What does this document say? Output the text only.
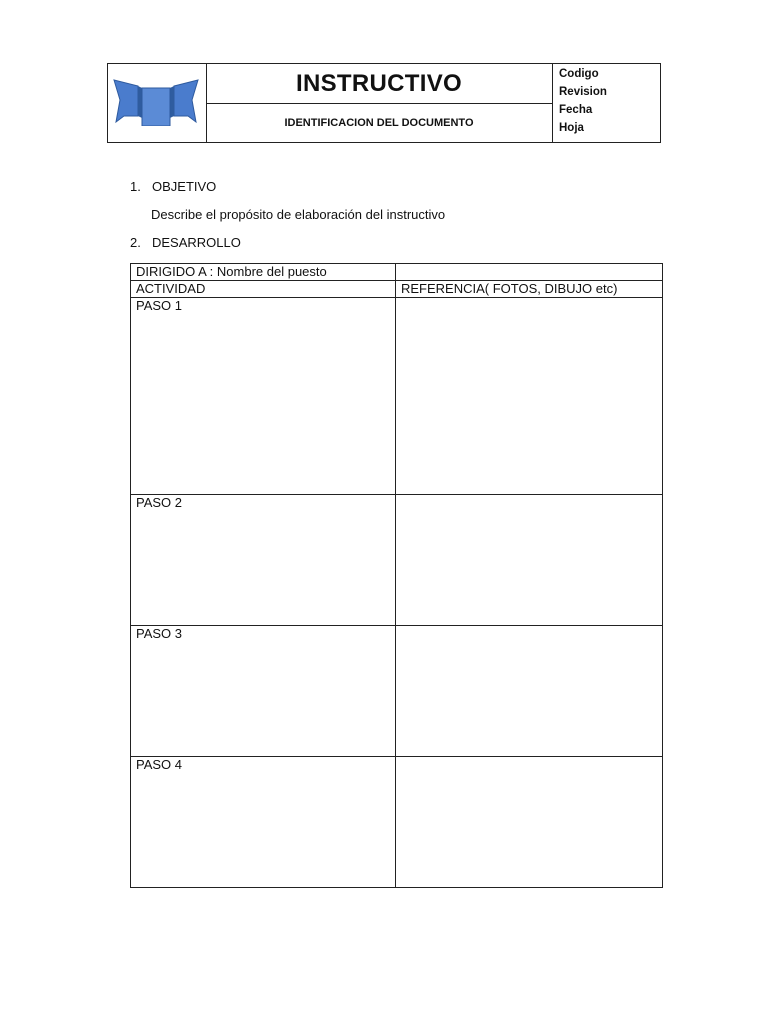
INSTRUCTIVO
IDENTIFICACION DEL DOCUMENTO
Codigo
Revision
Fecha
Hoja
1. OBJETIVO
Describe el propósito de elaboración del instructivo
2. DESARROLLO
DIRIGIDO A : Nombre del puesto	
ACTIVIDAD	REFERENCIA( FOTOS, DIBUJO etc)
PASO 1	
PASO 2	
PASO 3	
PASO 4	
